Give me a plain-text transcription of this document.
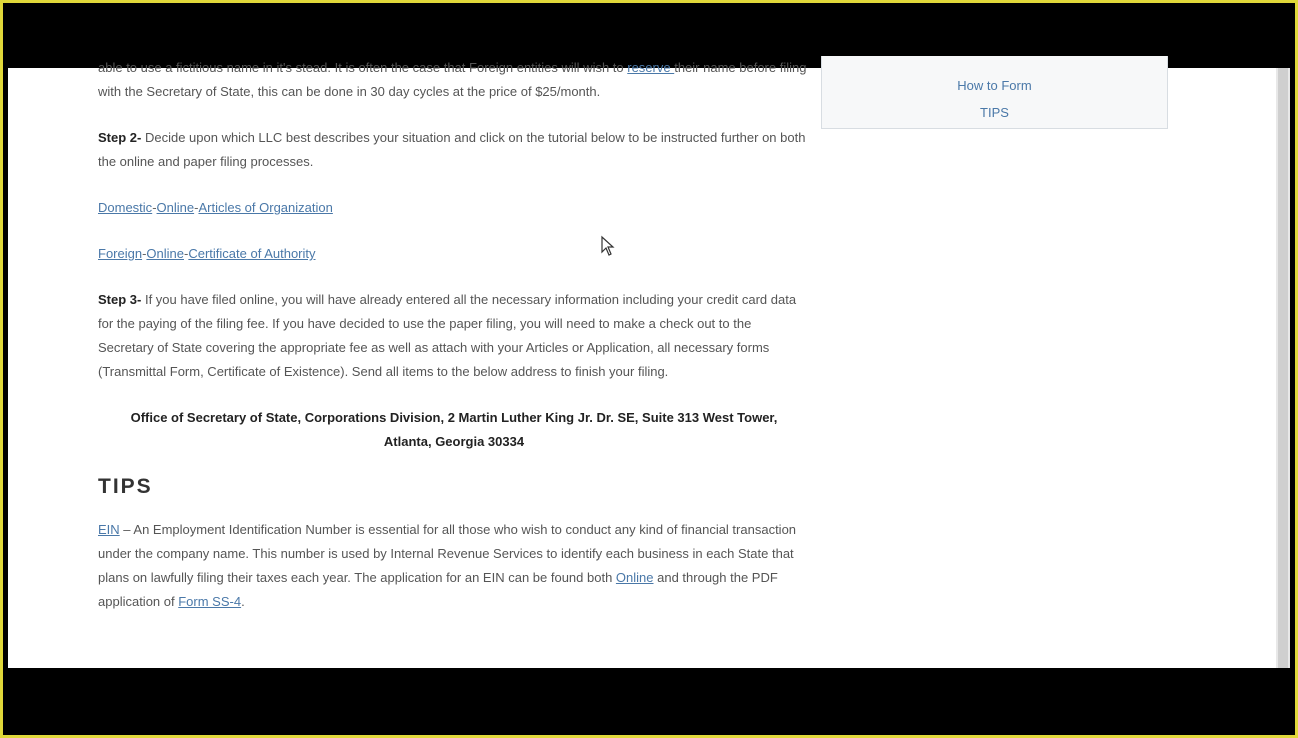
able to use a fictitious name in it's stead. It is often the case that Foreign entities will wish to reserve their name before filing with the Secretary of State, this can be done in 30 day cycles at the price of $25/month.

Step 2- Decide upon which LLC best describes your situation and click on the tutorial below to be instructed further on both the online and paper filing processes.

Domestic-Online-Articles of Organization

Foreign-Online-Certificate of Authority

Step 3- If you have filed online, you will have already entered all the necessary information including your credit card data for the paying of the filing fee. If you have decided to use the paper filing, you will need to make a check out to the Secretary of State covering the appropriate fee as well as attach with your Articles or Application, all necessary forms (Transmittal Form, Certificate of Existence). Send all items to the below address to finish your filing.

Office of Secretary of State, Corporations Division, 2 Martin Luther King Jr. Dr. SE, Suite 313 West Tower,
Atlanta, Georgia 30334
TIPS

EIN – An Employment Identification Number is essential for all those who wish to conduct any kind of financial transaction under the company name. This number is used by Internal Revenue Services to identify each business in each State that plans on lawfully filing their taxes each year. The application for an EIN can be found both Online and through the PDF application of Form SS-4.

How to Form
TIPS
